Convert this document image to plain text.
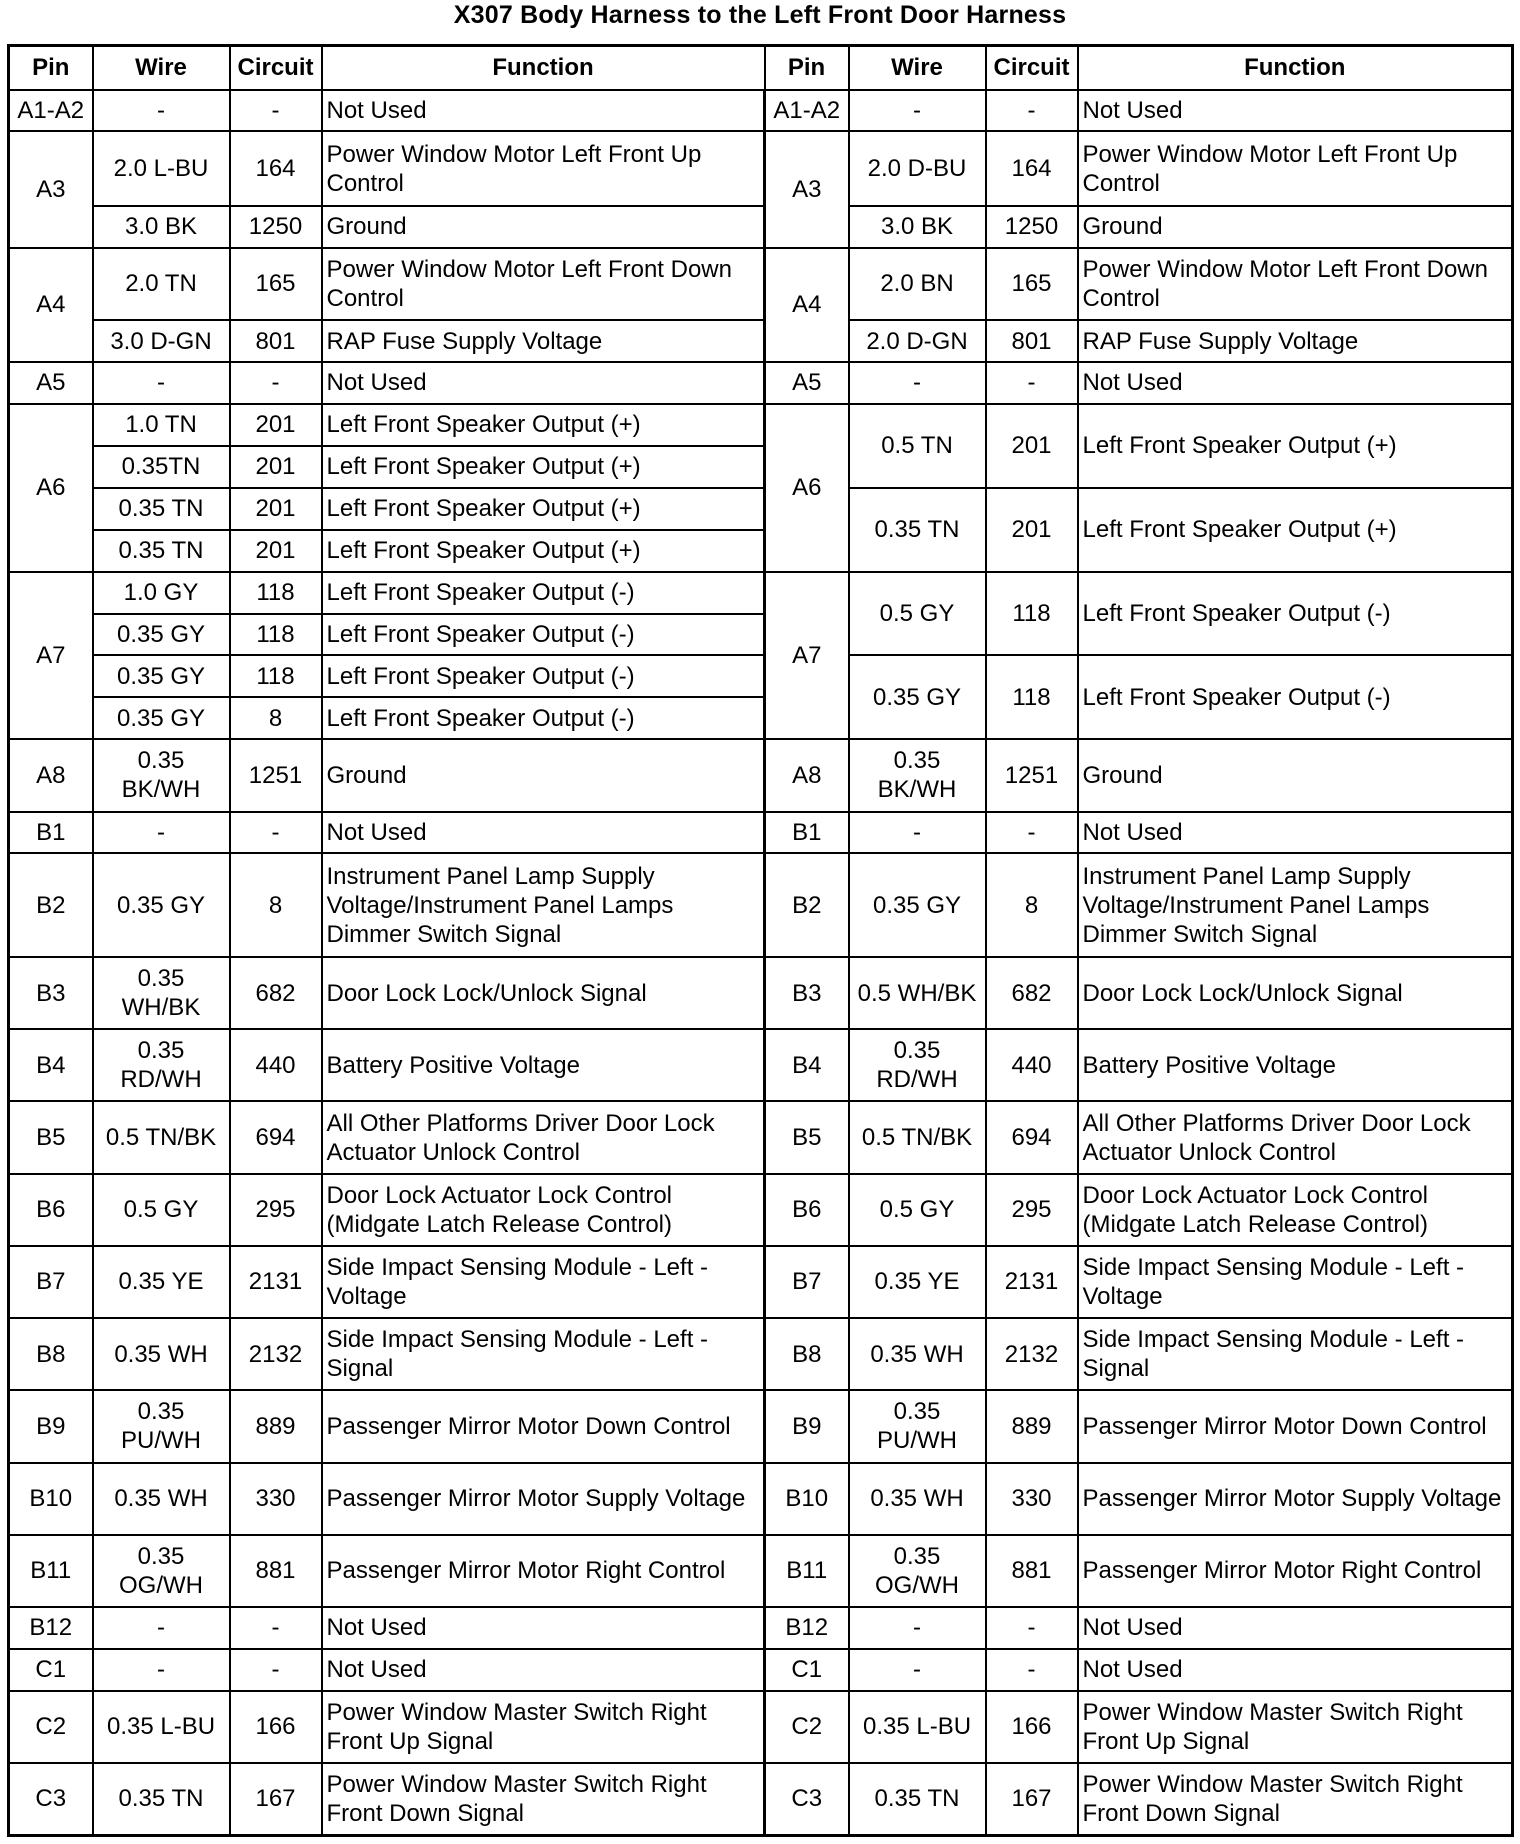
X307 Body Harness to the Left Front Door Harness
Pin	Wire	Circuit	Function	Pin	Wire	Circuit	Function
A1-A2	-	-	Not Used	A1-A2	-	-	Not Used
A3	2.0 L-BU	164	Power Window Motor Left Front Up Control	A3	2.0 D-BU	164	Power Window Motor Left Front Up Control
	3.0 BK	1250	Ground		3.0 BK	1250	Ground
A4	2.0 TN	165	Power Window Motor Left Front Down Control	A4	2.0 BN	165	Power Window Motor Left Front Down Control
	3.0 D-GN	801	RAP Fuse Supply Voltage		2.0 D-GN	801	RAP Fuse Supply Voltage
A5	-	-	Not Used	A5	-	-	Not Used
A6	1.0 TN	201	Left Front Speaker Output (+)	A6	0.5 TN	201	Left Front Speaker Output (+)
	0.35TN	201	Left Front Speaker Output (+)				
	0.35 TN	201	Left Front Speaker Output (+)		0.35 TN	201	Left Front Speaker Output (+)
	0.35 TN	201	Left Front Speaker Output (+)				
A7	1.0 GY	118	Left Front Speaker Output (-)	A7	0.5 GY	118	Left Front Speaker Output (-)
	0.35 GY	118	Left Front Speaker Output (-)				
	0.35 GY	118	Left Front Speaker Output (-)		0.35 GY	118	Left Front Speaker Output (-)
	0.35 GY	8	Left Front Speaker Output (-)				
A8	0.35 BK/WH	1251	Ground	A8	0.35 BK/WH	1251	Ground
B1	-	-	Not Used	B1	-	-	Not Used
B2	0.35 GY	8	Instrument Panel Lamp Supply Voltage/Instrument Panel Lamps Dimmer Switch Signal	B2	0.35 GY	8	Instrument Panel Lamp Supply Voltage/Instrument Panel Lamps Dimmer Switch Signal
B3	0.35 WH/BK	682	Door Lock Lock/Unlock Signal	B3	0.5 WH/BK	682	Door Lock Lock/Unlock Signal
B4	0.35 RD/WH	440	Battery Positive Voltage	B4	0.35 RD/WH	440	Battery Positive Voltage
B5	0.5 TN/BK	694	All Other Platforms Driver Door Lock Actuator Unlock Control	B5	0.5 TN/BK	694	All Other Platforms Driver Door Lock Actuator Unlock Control
B6	0.5 GY	295	Door Lock Actuator Lock Control (Midgate Latch Release Control)	B6	0.5 GY	295	Door Lock Actuator Lock Control (Midgate Latch Release Control)
B7	0.35 YE	2131	Side Impact Sensing Module - Left - Voltage	B7	0.35 YE	2131	Side Impact Sensing Module - Left - Voltage
B8	0.35 WH	2132	Side Impact Sensing Module - Left - Signal	B8	0.35 WH	2132	Side Impact Sensing Module - Left - Signal
B9	0.35 PU/WH	889	Passenger Mirror Motor Down Control	B9	0.35 PU/WH	889	Passenger Mirror Motor Down Control
B10	0.35 WH	330	Passenger Mirror Motor Supply Voltage	B10	0.35 WH	330	Passenger Mirror Motor Supply Voltage
B11	0.35 OG/WH	881	Passenger Mirror Motor Right Control	B11	0.35 OG/WH	881	Passenger Mirror Motor Right Control
B12	-	-	Not Used	B12	-	-	Not Used
C1	-	-	Not Used	C1	-	-	Not Used
C2	0.35 L-BU	166	Power Window Master Switch Right Front Up Signal	C2	0.35 L-BU	166	Power Window Master Switch Right Front Up Signal
C3	0.35 TN	167	Power Window Master Switch Right Front Down Signal	C3	0.35 TN	167	Power Window Master Switch Right Front Down Signal
